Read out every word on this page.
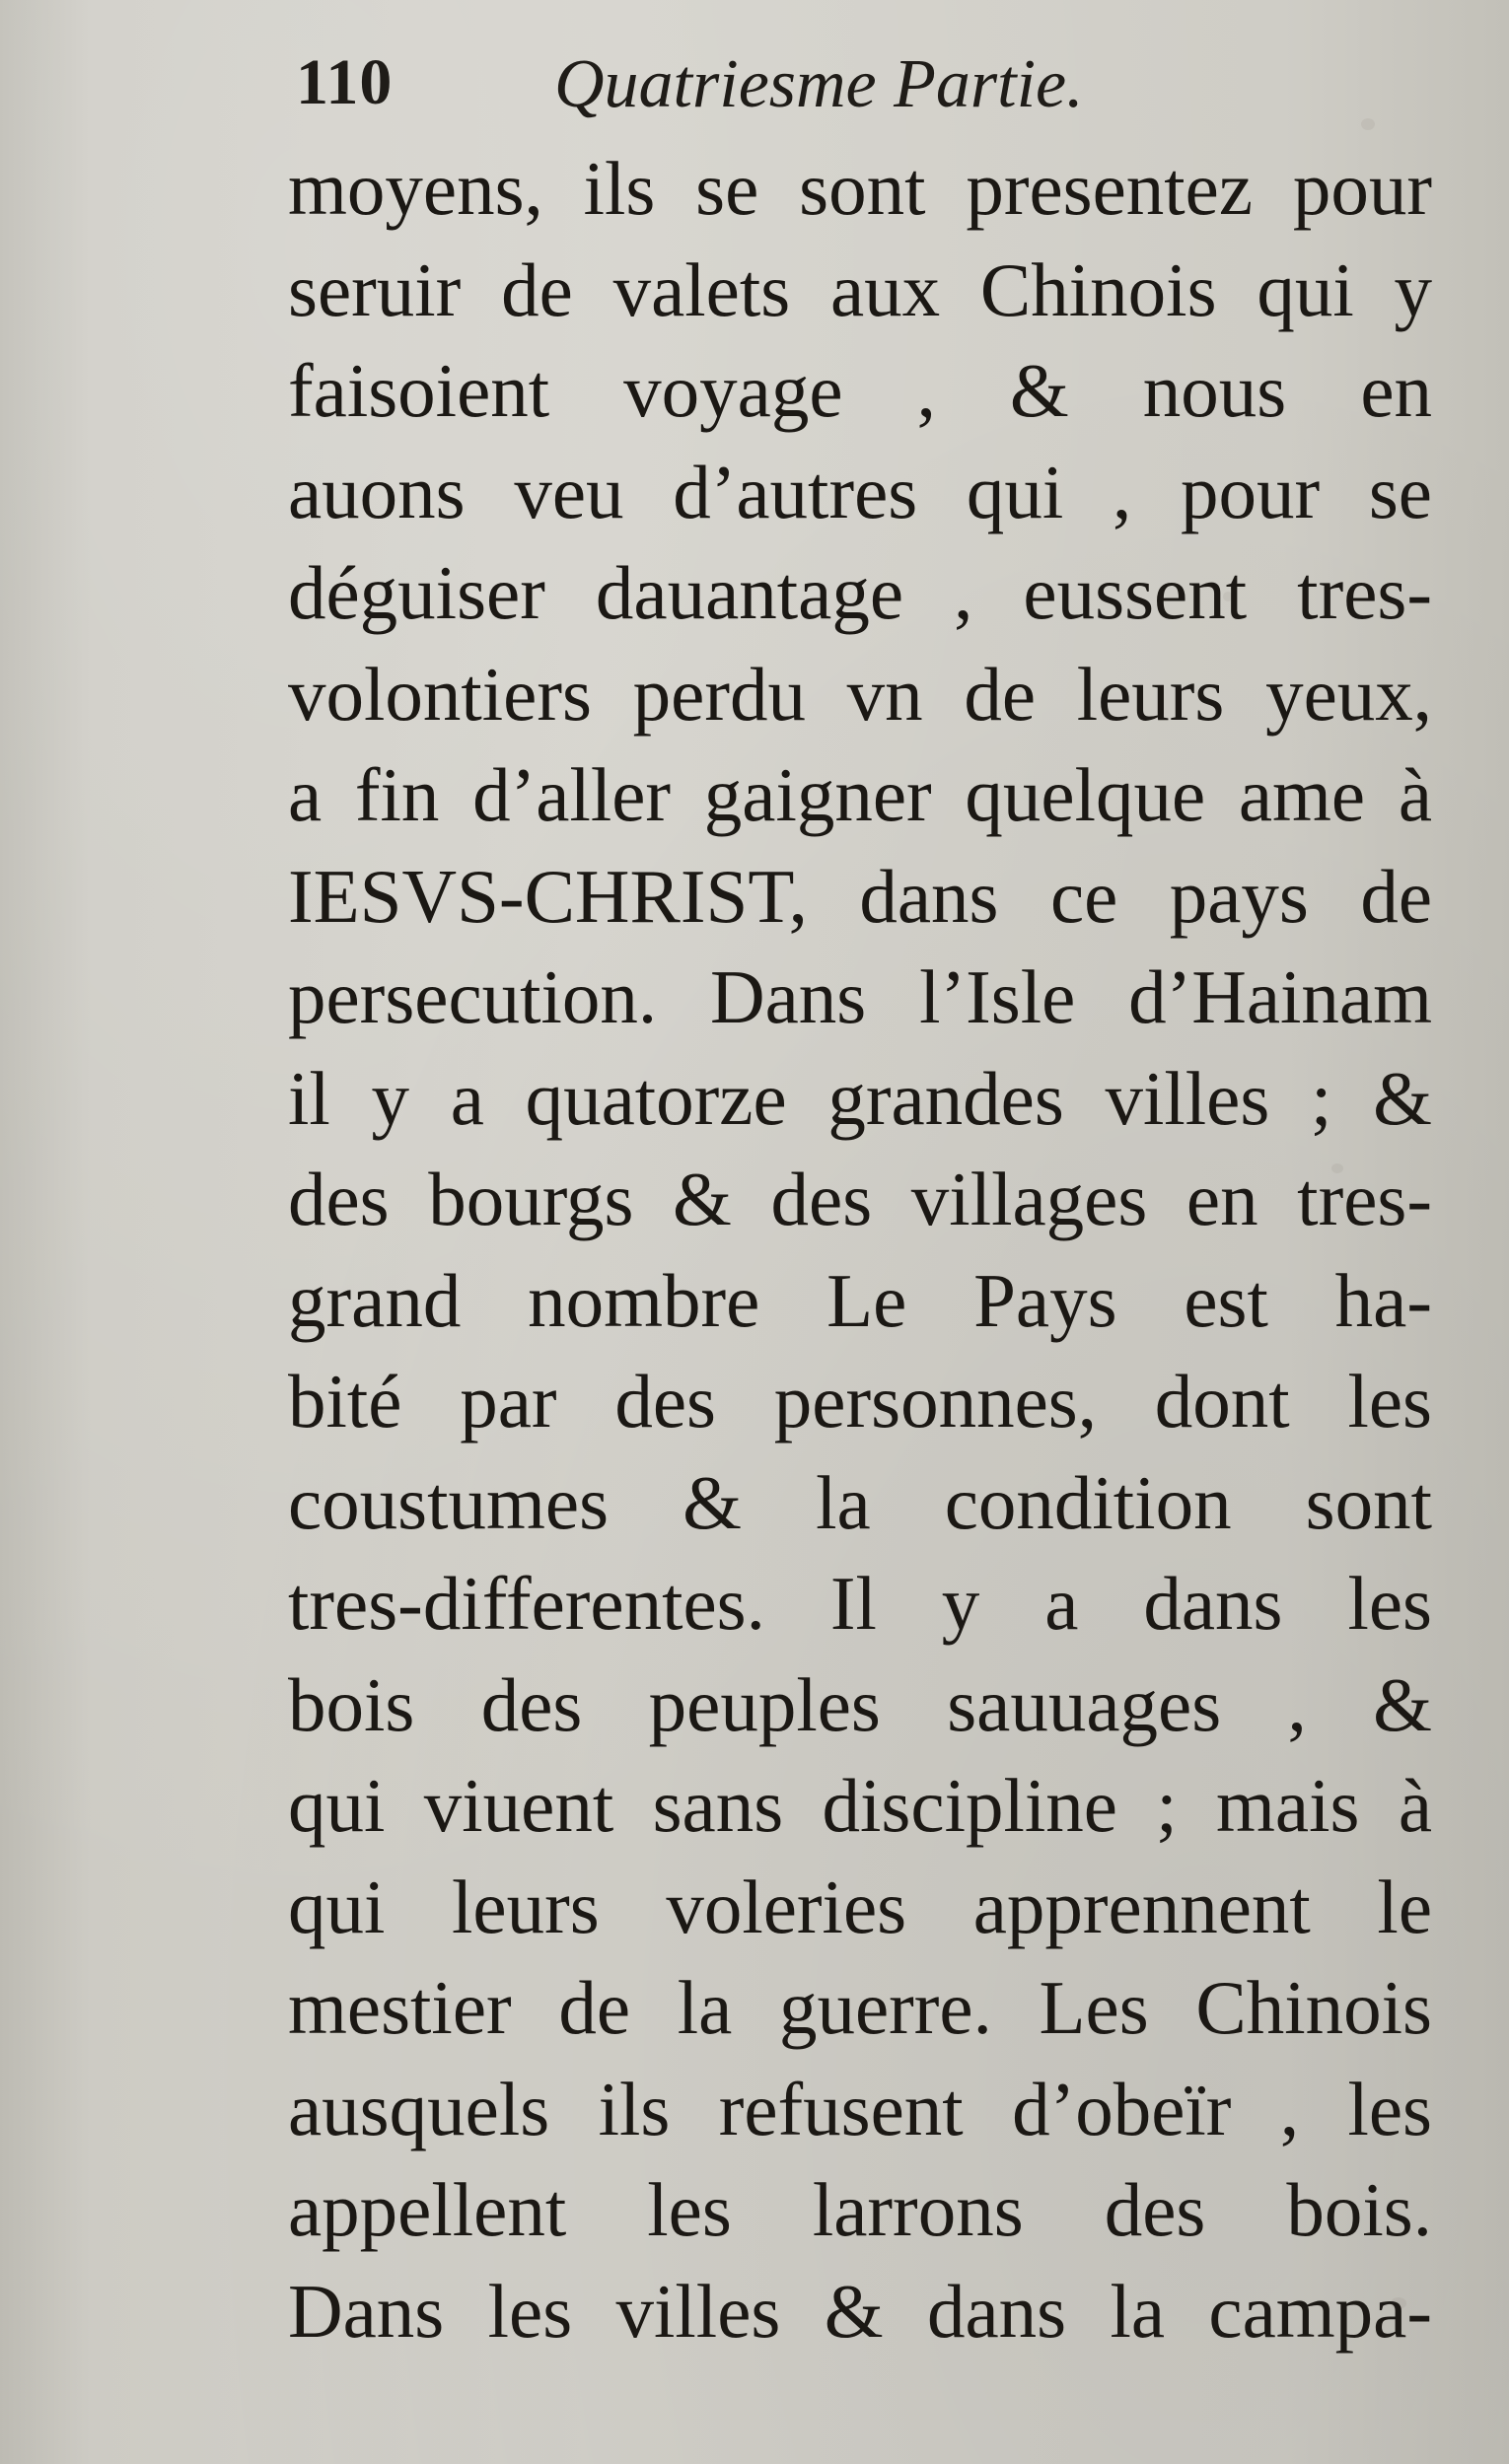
110 Quatriesme Partie.
moyens, ils se sont presentez pour
seruir de valets aux Chinois qui y
faisoient voyage , & nous en
auons veu d’autres qui , pour se
déguiser dauantage , eussent tres-
volontiers perdu vn de leurs yeux,
a fin d’aller gaigner quelque ame à
IESVS-CHRIST, dans ce pays de
persecution. Dans l’Isle d’Hainam
il y a quatorze grandes villes ; &
des bourgs & des villages en tres-
grand nombre Le Pays est ha-
bité par des personnes, dont les
coustumes & la condition sont
tres-differentes. Il y a dans les
bois des peuples sauuages , &
qui viuent sans discipline ; mais à
qui leurs voleries apprennent le
mestier de la guerre. Les Chinois
ausquels ils refusent d’obeïr , les
appellent les larrons des bois.
Dans les villes & dans la campa-
